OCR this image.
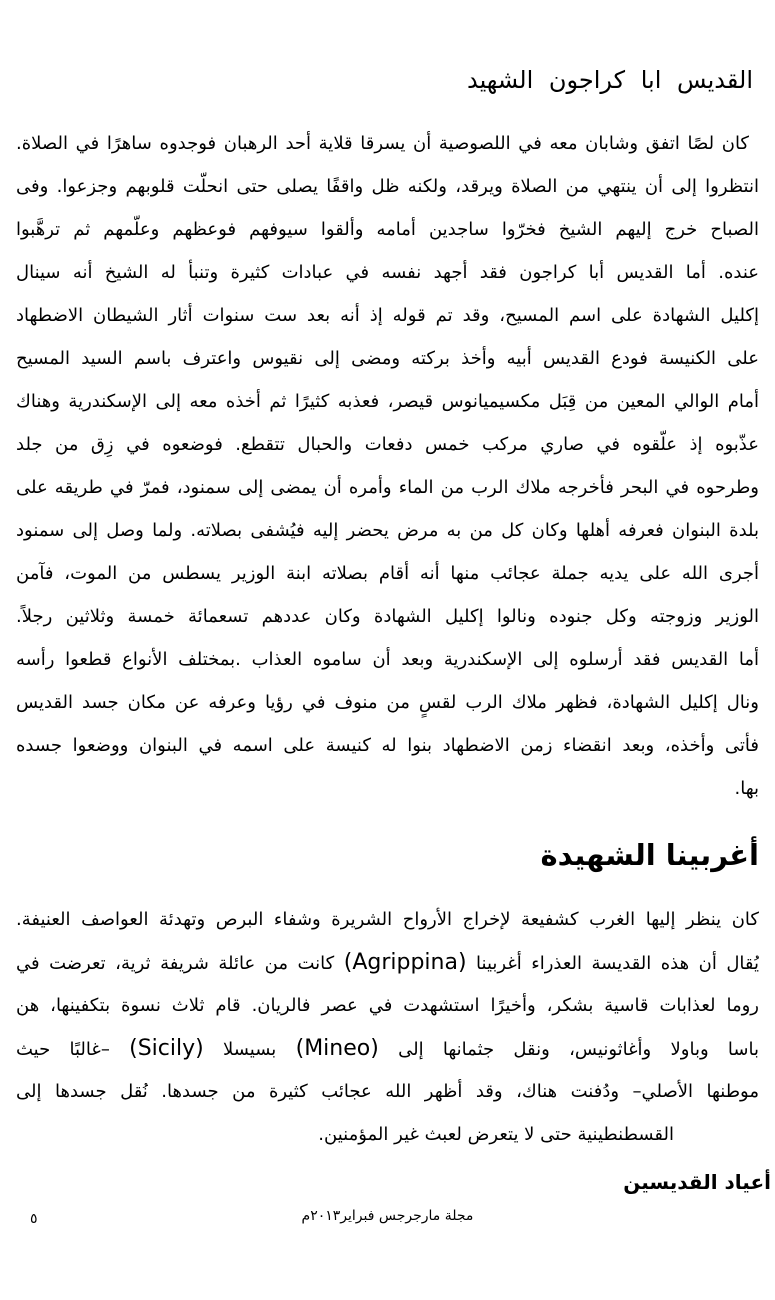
القديس ابا كراجون الشهيد
كان لصًا اتفق وشابان معه في اللصوصية أن يسرقا قلاية أحد الرهبان فوجدوه ساهرًا في الصلاة.
انتظروا إلى أن ينتهي من الصلاة ويرقد، ولكنه ظل واقفًا يصلى حتى انحلّت قلوبهم وجزعوا. وفى
الصباح خرج إليهم الشيخ فخرّوا ساجدين أمامه وألقوا سيوفهم فوعظهم وعلّمهم ثم ترهَّبوا
عنده. أما القديس أبا كراجون فقد أجهد نفسه في عبادات كثيرة وتنبأ له الشيخ أنه سينال
إكليل الشهادة على اسم المسيح، وقد تم قوله إذ أنه بعد ست سنوات أثار الشيطان الاضطهاد
على الكنيسة فودع القديس أبيه وأخذ بركته ومضى إلى نقيوس واعترف باسم السيد المسيح
أمام الوالي المعين من قِبَل مكسيميانوس قيصر، فعذبه كثيرًا ثم أخذه معه إلى الإسكندرية وهناك
عذّبوه إذ علّقوه في صاري مركب خمس دفعات والحبال تتقطع. فوضعوه في زِق من جلد
وطرحوه في البحر فأخرجه ملاك الرب من الماء وأمره أن يمضى إلى سمنود، فمرّ في طريقه على
بلدة البنوان فعرفه أهلها وكان كل من به مرض يحضر إليه فيُشفى بصلاته. ولما وصل إلى سمنود
أجرى الله على يديه جملة عجائب منها أنه أقام بصلاته ابنة الوزير يسطس من الموت، فآمن
الوزير وزوجته وكل جنوده ونالوا إكليل الشهادة وكان عددهم تسعمائة خمسة وثلاثين رجلاً.
أما القديس فقد أرسلوه إلى الإسكندرية وبعد أن ساموه العذاب .بمختلف الأنواع قطعوا رأسه
ونال إكليل الشهادة، فظهر ملاك الرب لقسٍ من منوف في رؤيا وعرفه عن مكان جسد القديس
فأتى وأخذه، وبعد انقضاء زمن الاضطهاد بنوا له كنيسة على اسمه في البنوان ووضعوا جسده
بها.
أغربينا الشهيدة
كان ينظر إليها الغرب كشفيعة لإخراج الأرواح الشريرة وشفاء البرص وتهدئة العواصف العنيفة.
يُقال أن هذه القديسة العذراء أغربينا (Agrippina) كانت من عائلة شريفة ثرية، تعرضت في
روما لعذابات قاسية بشكر، وأخيرًا استشهدت في عصر فالريان. قام ثلاث نسوة بتكفينها، هن
باسا وباولا وأغاثونيس، ونقل جثمانها إلى (Mineo) بسيسلا (Sicily) –غالبًا حيث
موطنها الأصلي– ودُفنت هناك، وقد أظهر الله عجائب كثيرة من جسدها. نُقل جسدها إلى
القسطنطينية حتى لا يتعرض لعبث غير المؤمنين.
أعياد القديسين
مجلة مارجرجس فبراير٢٠١٣م
٥
